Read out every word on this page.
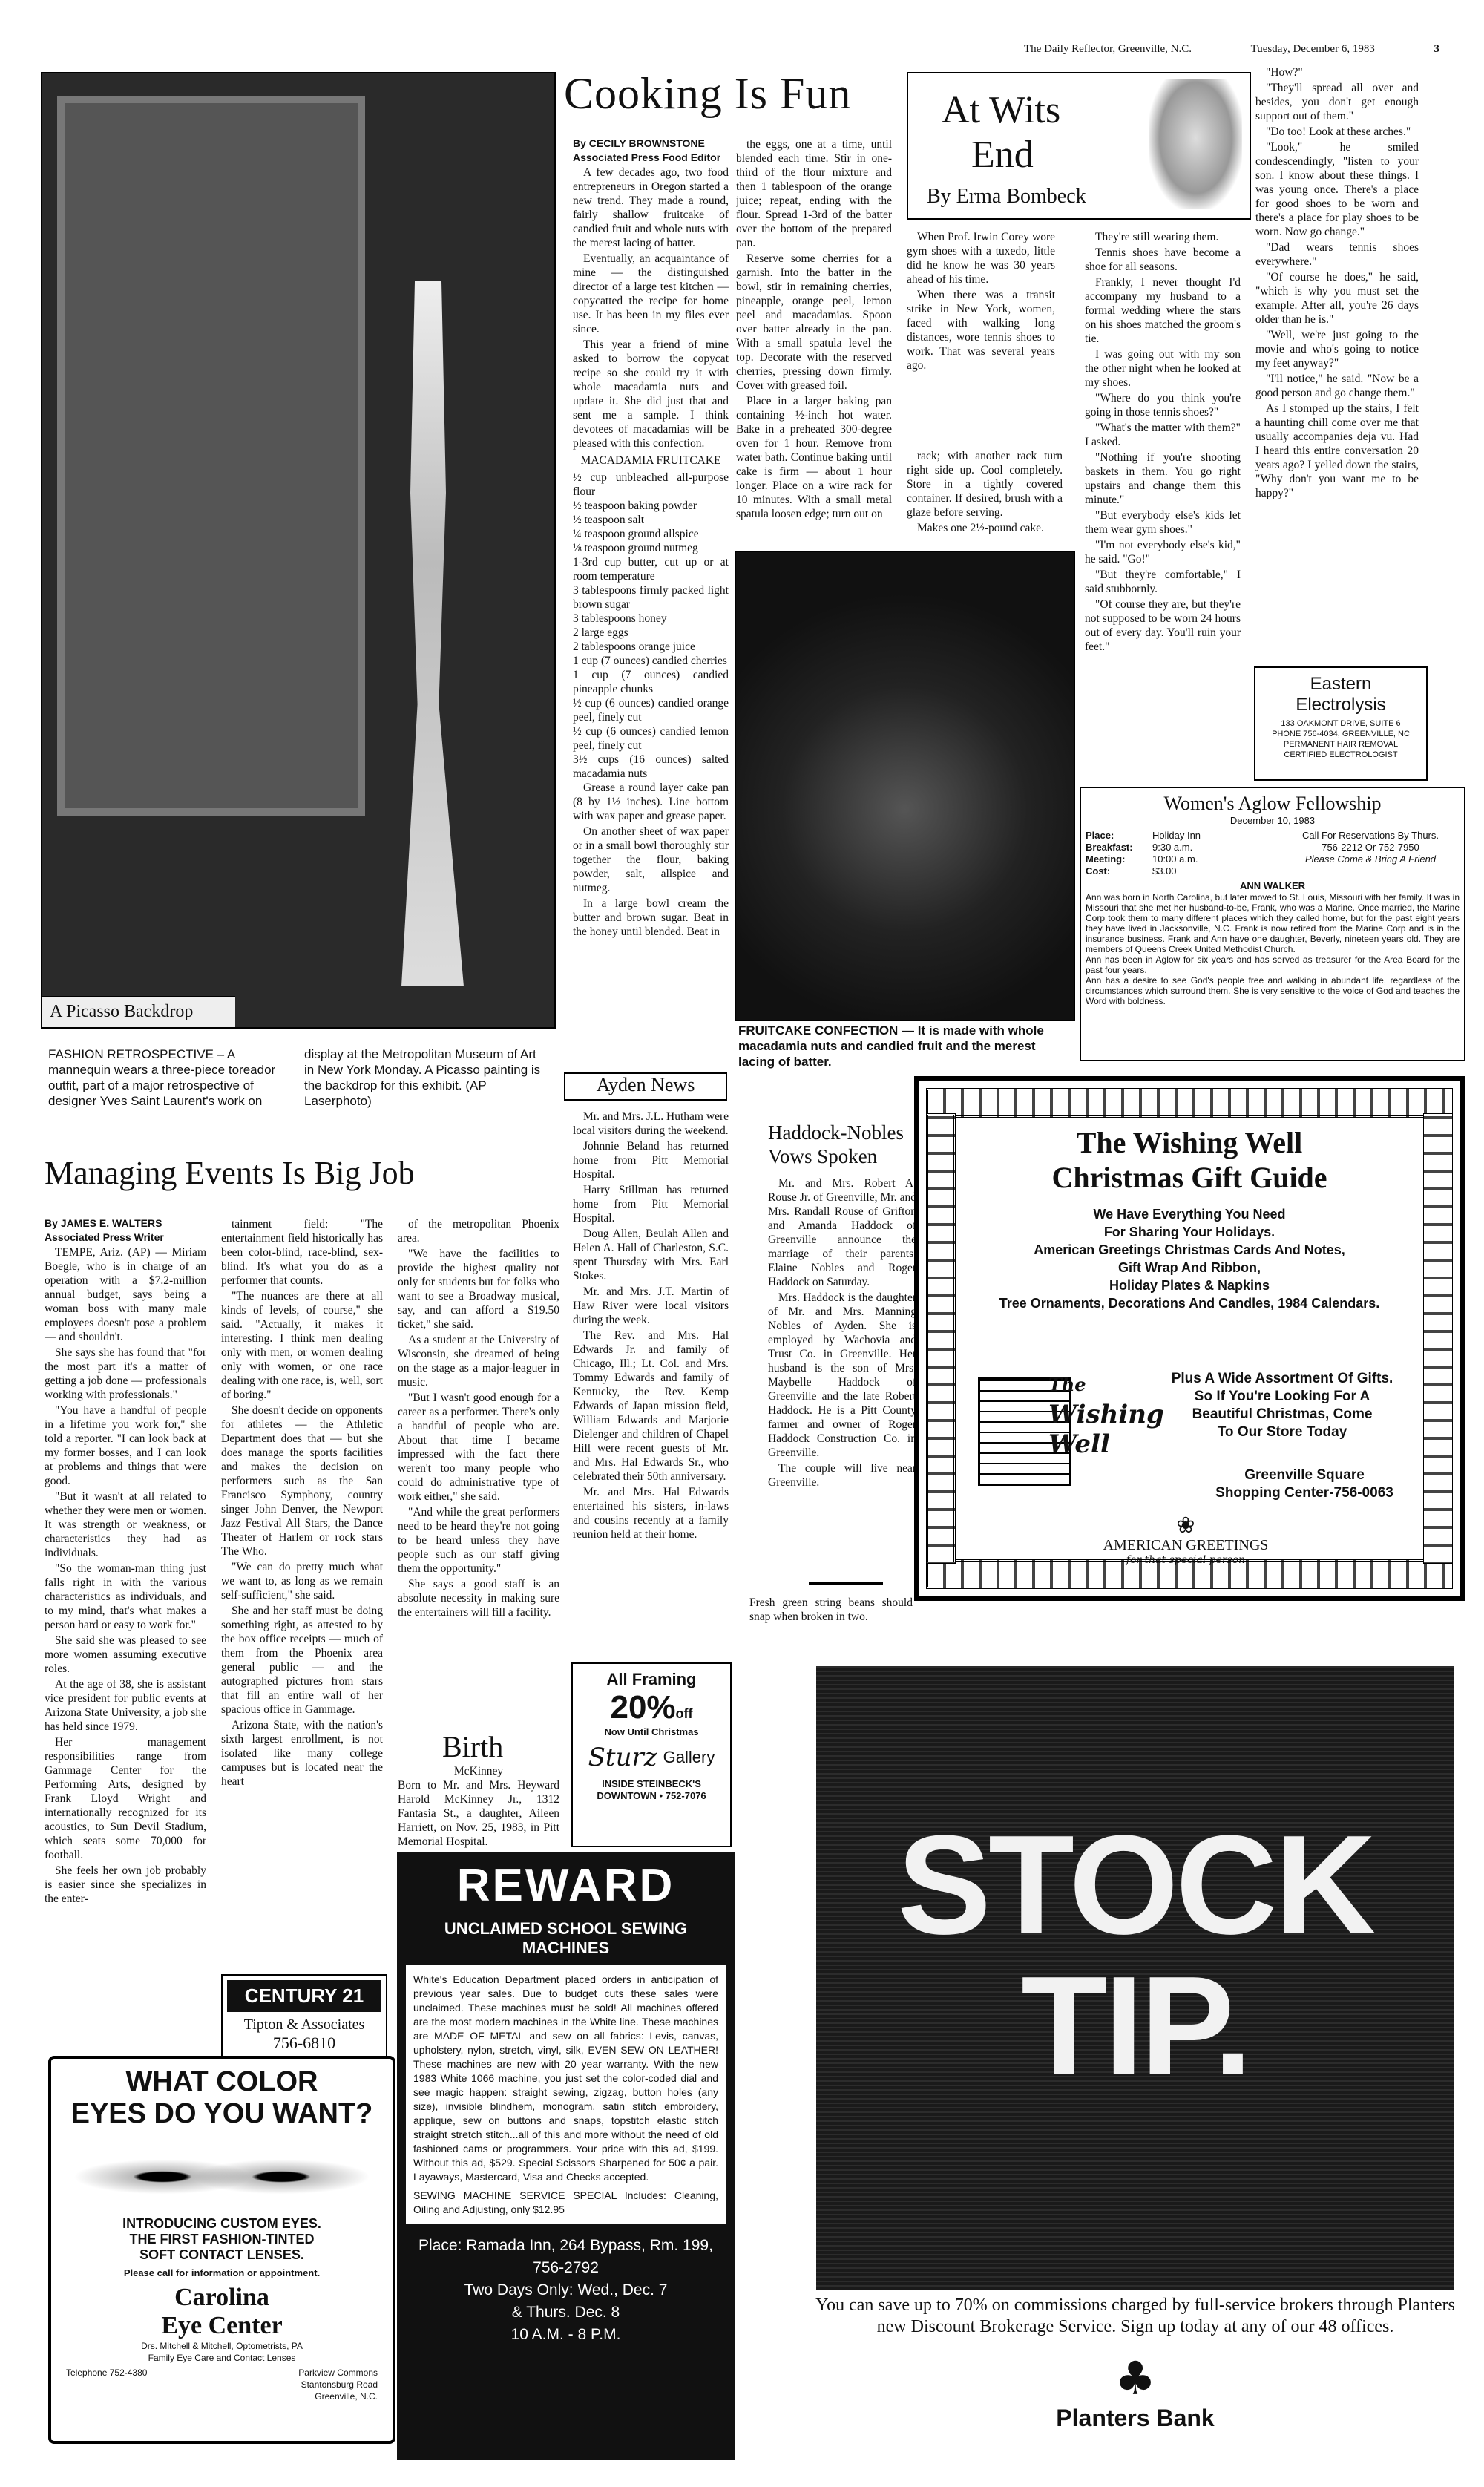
The Daily Reflector, Greenville, N.C.	Tuesday, December 6, 1983	3
A Picasso Backdrop
FASHION RETROSPECTIVE – A mannequin wears a three-piece toreador outfit, part of a major retrospective of designer Yves Saint Laurent's work on display at the Metropolitan Museum of Art in New York Monday. A Picasso painting is the backdrop for this exhibit. (AP Laserphoto)
Cooking Is Fun
By CECILY BROWNSTONE
Associated Press Food Editor

A few decades ago, two food entrepreneurs in Oregon started a new trend. They made a round, fairly shallow fruitcake of candied fruit and whole nuts with the merest lacing of batter.

Eventually, an acquaintance of mine — the distinguished director of a large test kitchen — copycatted the recipe for home use. It has been in my files ever since.

This year a friend of mine asked to borrow the copycat recipe so she could try it with whole macadamia nuts and update it. She did just that and sent me a sample. I think devotees of macadamias will be pleased with this confection.

MACADAMIA FRUITCAKE
½ cup unbleached all-purpose flour
½ teaspoon baking powder
½ teaspoon salt
¼ teaspoon ground allspice
⅛ teaspoon ground nutmeg
1-3rd cup butter, cut up or at room temperature
3 tablespoons firmly packed light brown sugar
3 tablespoons honey
2 large eggs
2 tablespoons orange juice
1 cup (7 ounces) candied cherries
1 cup (7 ounces) candied pineapple chunks
½ cup (6 ounces) candied orange peel, finely cut
½ cup (6 ounces) candied lemon peel, finely cut
3½ cups (16 ounces) salted macadamia nuts

Grease a round layer cake pan (8 by 1½ inches). Line bottom with wax paper and grease paper.

On another sheet of wax paper or in a small bowl thoroughly stir together the flour, baking powder, salt, allspice and nutmeg.

In a large bowl cream the butter and brown sugar. Beat in the honey until blended. Beat in

the eggs, one at a time, until blended each time. Stir in one-third of the flour mixture and then 1 tablespoon of the orange juice; repeat, ending with the flour. Spread 1-3rd of the batter over the bottom of the prepared pan.

Reserve some cherries for a garnish. Into the batter in the bowl, stir in remaining cherries, pineapple, orange peel, lemon peel and macadamias. Spoon over batter already in the pan. With a small spatula level the top. Decorate with the reserved cherries, pressing down firmly. Cover with greased foil.

Place in a larger baking pan containing ½-inch hot water. Bake in a preheated 300-degree oven for 1 hour. Remove from water bath. Continue baking until cake is firm — about 1 hour longer. Place on a wire rack for 10 minutes. With a small metal spatula loosen edge; turn out on

rack; with another rack turn right side up. Cool completely. Store in a tightly covered container. If desired, brush with a glaze before serving.

Makes one 2½-pound cake.

FRUITCAKE CONFECTION — It is made with whole macadamia nuts and candied fruit and the merest lacing of batter.
At Wits
End
By Erma Bombeck

When Prof. Irwin Corey wore gym shoes with a tuxedo, little did he know he was 30 years ahead of his time.

When there was a transit strike in New York, women, faced with walking long distances, wore tennis shoes to work. That was several years ago.

They're still wearing them.

Tennis shoes have become a shoe for all seasons.

Frankly, I never thought I'd accompany my husband to a formal wedding where the stars on his shoes matched the groom's tie.

I was going out with my son the other night when he looked at my shoes.

"Where do you think you're going in those tennis shoes?"

"What's the matter with them?" I asked.

"Nothing if you're shooting baskets in them. You go right upstairs and change them this minute."

"But everybody else's kids let them wear gym shoes."

"I'm not everybody else's kid," he said. "Go!"

"But they're comfortable," I said stubbornly.

"Of course they are, but they're not supposed to be worn 24 hours out of every day. You'll ruin your feet."

"How?"

"They'll spread all over and besides, you don't get enough support out of them."

"Do too! Look at these arches."

"Look," he smiled condescendingly, "listen to your son. I know about these things. I was young once. There's a place for good shoes to be worn and there's a place for play shoes to be worn. Now go change."

"Dad wears tennis shoes everywhere."

"Of course he does," he said, "which is why you must set the example. After all, you're 26 days older than he is."

"Well, we're just going to the movie and who's going to notice my feet anyway?"

"I'll notice," he said. "Now be a good person and go change them."

As I stomped up the stairs, I felt a haunting chill come over me that usually accompanies deja vu. Had I heard this entire conversation 20 years ago? I yelled down the stairs, "Why don't you want me to be happy?"

Eastern
Electrolysis
133 OAKMONT DRIVE, SUITE 6
PHONE 756-4034, GREENVILLE, NC
PERMANENT HAIR REMOVAL
CERTIFIED ELECTROLOGIST
Women's Aglow Fellowship
December 10, 1983
Place:	Holiday Inn
Breakfast:	9:30 a.m.
Meeting:	10:00 a.m.
Cost:	$3.00
Call For Reservations By Thurs.
756-2212 Or 752-7950
Please Come & Bring A Friend
ANN WALKER
Ann was born in North Carolina, but later moved to St. Louis, Missouri with her family. It was in Missouri that she met her husband-to-be, Frank, who was a Marine. Once married, the Marine Corp took them to many different places which they called home, but for the past eight years they have lived in Jacksonville, N.C. Frank is now retired from the Marine Corp and is in the insurance business. Frank and Ann have one daughter, Beverly, nineteen years old. They are members of Queens Creek United Methodist Church.
Ann has been in Aglow for six years and has served as treasurer for the Area Board for the past four years.
Ann has a desire to see God's people free and walking in abundant life, regardless of the circumstances which surround them. She is very sensitive to the voice of God and teaches the Word with boldness.
Managing Events Is Big Job
By JAMES E. WALTERS
Associated Press Writer

TEMPE, Ariz. (AP) — Miriam Boegle, who is in charge of an operation with a $7.2-million annual budget, says being a woman boss with many male employees doesn't pose a problem — and shouldn't.

She says she has found that "for the most part it's a matter of getting a job done — professionals working with professionals."

"You have a handful of people in a lifetime you work for," she told a reporter. "I can look back at my former bosses, and I can look at problems and things that were good.

"But it wasn't at all related to whether they were men or women. It was strength or weakness, or characteristics they had as individuals.

"So the woman-man thing just falls right in with the various characteristics as individuals, and to my mind, that's what makes a person hard or easy to work for."

She said she was pleased to see more women assuming executive roles.

At the age of 38, she is assistant vice president for public events at Arizona State University, a job she has held since 1979.

Her management responsibilities range from Gammage Center for the Performing Arts, designed by Frank Lloyd Wright and internationally recognized for its acoustics, to Sun Devil Stadium, which seats some 70,000 for football.

She feels her own job probably is easier since she specializes in the enter-

tainment field: "The entertainment field historically has been color-blind, race-blind, sex-blind. It's what you do as a performer that counts.

"The nuances are there at all kinds of levels, of course," she said. "Actually, it makes it interesting. I think men dealing only with men, or women dealing only with women, or one race dealing with one race, is, well, sort of boring."

She doesn't decide on opponents for athletes — the Athletic Department does that — but she does manage the sports facilities and makes the decision on performers such as the San Francisco Symphony, country singer John Denver, the Newport Jazz Festival All Stars, the Dance Theater of Harlem or rock stars The Who.

"We can do pretty much what we want to, as long as we remain self-sufficient," she said.

She and her staff must be doing something right, as attested to by the box office receipts — much of them from the Phoenix area general public — and the autographed pictures from stars that fill an entire wall of her spacious office in Gammage.

Arizona State, with the nation's sixth largest enrollment, is not isolated like many college campuses but is located near the heart

of the metropolitan Phoenix area.

"We have the facilities to provide the highest quality not only for students but for folks who want to see a Broadway musical, say, and can afford a $19.50 ticket," she said.

As a student at the University of Wisconsin, she dreamed of being on the stage as a major-leaguer in music.

"But I wasn't good enough for a career as a performer. There's only a handful of people who are. About that time I became impressed with the fact there weren't too many people who could do administrative type of work either," she said.

"And while the great performers need to be heard they're not going to be heard unless they have people such as our staff giving them the opportunity."

She says a good staff is an absolute necessity in making sure the entertainers will fill a facility.

Birth
McKinney
Born to Mr. and Mrs. Heyward Harold McKinney Jr., 1312 Fantasia St., a daughter, Aileen Harriett, on Nov. 25, 1983, in Pitt Memorial Hospital.
CENTURY 21
Tipton & Associates
756-6810
WHAT COLOR
EYES DO YOU WANT?
INTRODUCING CUSTOM EYES.
THE FIRST FASHION-TINTED
SOFT CONTACT LENSES.
Please call for information or appointment.
Carolina
Eye Center
Drs. Mitchell & Mitchell, Optometrists, PA
Family Eye Care and Contact Lenses
Telephone 752-4380	Parkview Commons
Stantonsburg Road
Greenville, N.C.
Ayden News

Mr. and Mrs. J.L. Hutham were local visitors during the weekend.

Johnnie Beland has returned home from Pitt Memorial Hospital.

Harry Stillman has returned home from Pitt Memorial Hospital.

Doug Allen, Beulah Allen and Helen A. Hall of Charleston, S.C. spent Thursday with Mrs. Earl Stokes.

Mr. and Mrs. J.T. Martin of Haw River were local visitors during the week.

The Rev. and Mrs. Hal Edwards Jr. and family of Chicago, Ill.; Lt. Col. and Mrs. Tommy Edwards and family of Kentucky, the Rev. Kemp Edwards of Japan mission field, William Edwards and Marjorie Dielenger and children of Chapel Hill were recent guests of Mr. and Mrs. Hal Edwards Sr., who celebrated their 50th anniversary.

Mr. and Mrs. Hal Edwards entertained his sisters, in-laws and cousins recently at a family reunion held at their home.

Haddock-Nobles
Vows Spoken

Mr. and Mrs. Robert A. Rouse Jr. of Greenville, Mr. and Mrs. Randall Rouse of Grifton and Amanda Haddock of Greenville announce the marriage of their parents, Elaine Nobles and Roger Haddock on Saturday.

Mrs. Haddock is the daughter of Mr. and Mrs. Manning Nobles of Ayden. She is employed by Wachovia and Trust Co. in Greenville. Her husband is the son of Mrs. Maybelle Haddock of Greenville and the late Robert Haddock. He is a Pitt County farmer and owner of Roger Haddock Construction Co. in Greenville.

The couple will live near Greenville.

Fresh green string beans should snap when broken in two.
All Framing
20%off
Now Until Christmas
Sturz Gallery
INSIDE STEINBECK'S
DOWNTOWN • 752-7076
REWARD
UNCLAIMED SCHOOL SEWING MACHINES
White's Education Department placed orders in anticipation of previous year sales. Due to budget cuts these sales were unclaimed. These machines must be sold! All machines offered are the most modern machines in the White line. These machines are MADE OF METAL and sew on all fabrics: Levis, canvas, upholstery, nylon, stretch, vinyl, silk, EVEN SEW ON LEATHER! These machines are new with 20 year warranty. With the new 1983 White 1066 machine, you just set the color-coded dial and see magic happen: straight sewing, zigzag, button holes (any size), invisible blindhem, monogram, satin stitch embroidery, applique, sew on buttons and snaps, topstitch elastic stitch straight stretch stitch...all of this and more without the need of old fashioned cams or programmers. Your price with this ad, $199. Without this ad, $529. Special Scissors Sharpened for 50¢ a pair. Layaways, Mastercard, Visa and Checks accepted.
SEWING MACHINE SERVICE SPECIAL Includes: Cleaning, Oiling and Adjusting, only $12.95
Place: Ramada Inn, 264 Bypass, Rm. 199,
756-2792
Two Days Only: Wed., Dec. 7
& Thurs. Dec. 8
10 A.M. - 8 P.M.
The Wishing Well
Christmas Gift Guide
We Have Everything You Need
For Sharing Your Holidays.
American Greetings Christmas Cards And Notes,
Gift Wrap And Ribbon,
Holiday Plates & Napkins
Tree Ornaments, Decorations And Candles, 1984 Calendars.
The
Wishing
Well
Plus A Wide Assortment Of Gifts.
So If You're Looking For A
Beautiful Christmas, Come
To Our Store Today
Greenville Square
Shopping Center-756-0063
❀
AMERICAN GREETINGS
for that special person
STOCK
TIP.
You can save up to 70% on commissions charged by full-service brokers through Planters new Discount Brokerage Service. Sign up today at any of our 48 offices.
♣
Planters Bank
